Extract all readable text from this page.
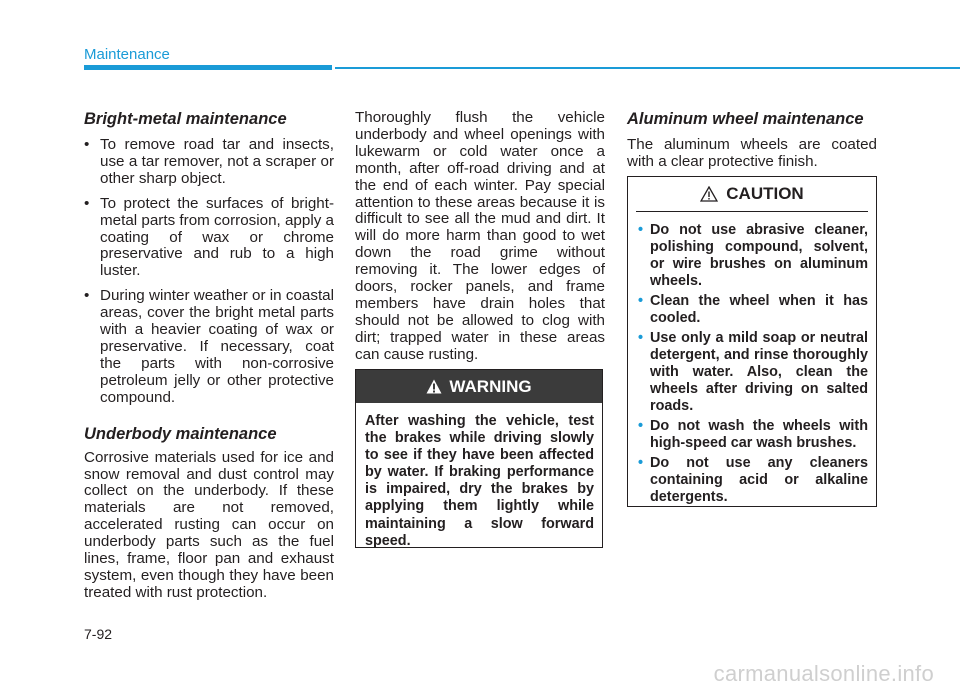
Maintenance
Bright-metal maintenance
• To remove road tar and insects, use a tar remover, not a scraper or other sharp object.
• To protect the surfaces of bright-metal parts from corrosion, apply a coating of wax or chrome preservative and rub to a high luster.
• During winter weather or in coastal areas, cover the bright metal parts with a heavier coating of wax or preservative. If necessary, coat the parts with non-corrosive petroleum jelly or other protective compound.
Underbody maintenance

Corrosive materials used for ice and snow removal and dust control may collect on the underbody. If these materials are not removed, accelerated rusting can occur on underbody parts such as the fuel lines, frame, floor pan and exhaust system, even though they have been treated with rust protection.

Thoroughly flush the vehicle underbody and wheel openings with lukewarm or cold water once a month, after off-road driving and at the end of each winter. Pay special attention to these areas because it is difficult to see all the mud and dirt. It will do more harm than good to wet down the road grime without removing it. The lower edges of doors, rocker panels, and frame members have drain holes that should not be allowed to clog with dirt; trapped water in these areas can cause rusting.

WARNING
After washing the vehicle, test the brakes while driving slowly to see if they have been affected by water. If braking performance is impaired, dry the brakes by applying them lightly while maintaining a slow forward speed.
Aluminum wheel maintenance

The aluminum wheels are coated with a clear protective finish.

CAUTION
• Do not use abrasive cleaner, polishing compound, solvent, or wire brushes on aluminum wheels.
• Clean the wheel when it has cooled.
• Use only a mild soap or neutral detergent, and rinse thoroughly with water. Also, clean the wheels after driving on salted roads.
• Do not wash the wheels with high-speed car wash brushes.
• Do not use any cleaners containing acid or alkaline detergents.
7-92
carmanualsonline.info
